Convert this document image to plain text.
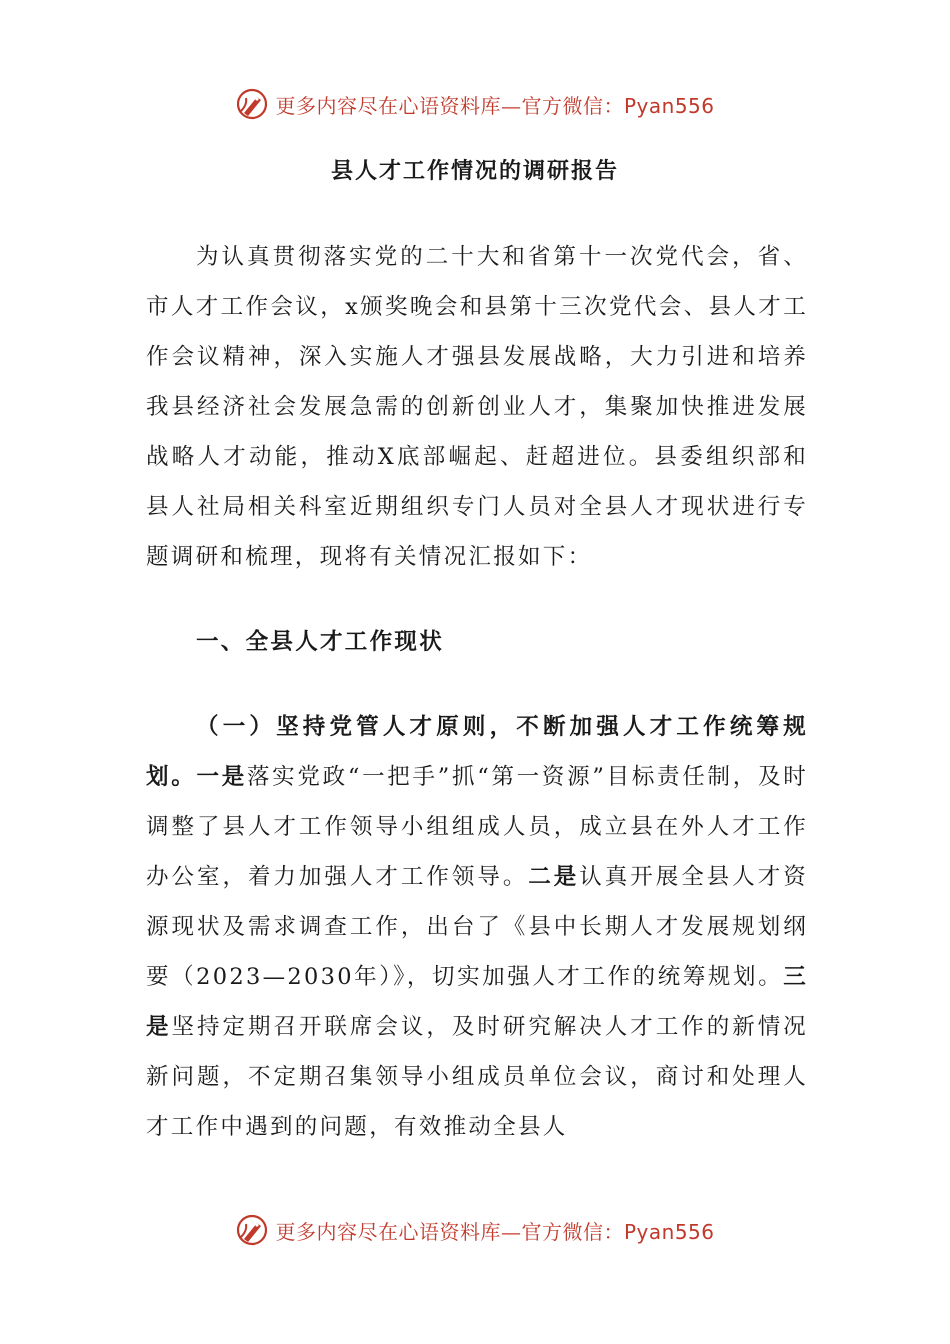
更多内容尽在心语资料库—官方微信：Pyan556
县人才工作情况的调研报告

为认真贯彻落实党的二十大和省第十一次党代会，省、市人才工作会议，x颁奖晚会和县第十三次党代会、县人才工作会议精神，深入实施人才强县发展战略，大力引进和培养我县经济社会发展急需的创新创业人才，集聚加快推进发展战略人才动能，推动X底部崛起、赶超进位。县委组织部和县人社局相关科室近期组织专门人员对全县人才现状进行专题调研和梳理，现将有关情况汇报如下：

一、全县人才工作现状

（一）坚持党管人才原则，不断加强人才工作统筹规划。一是落实党政“一把手”抓“第一资源”目标责任制，及时调整了县人才工作领导小组组成人员，成立县在外人才工作办公室，着力加强人才工作领导。二是认真开展全县人才资源现状及需求调查工作，出台了《县中长期人才发展规划纲要（2023—2030年）》，切实加强人才工作的统筹规划。三是坚持定期召开联席会议，及时研究解决人才工作的新情况新问题，不定期召集领导小组成员单位会议，商讨和处理人才工作中遇到的问题，有效推动全县人

更多内容尽在心语资料库—官方微信：Pyan556
